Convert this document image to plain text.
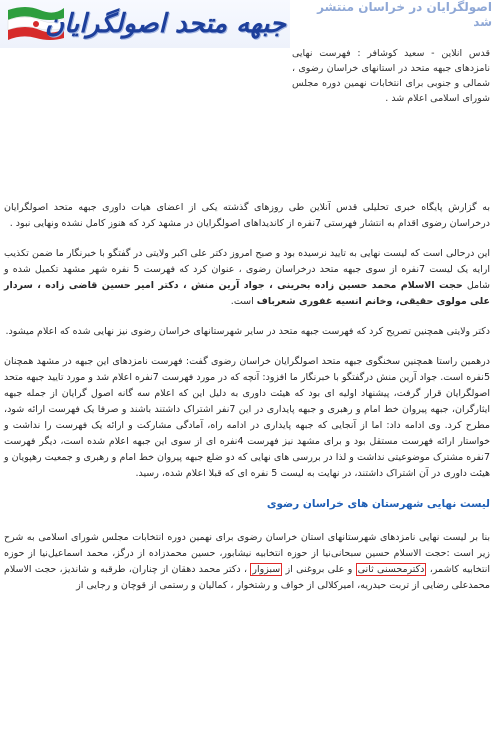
جبهه متحد اصولگرایان
اصولگرایان در خراسان منتشر شد
قدس انلاین - سعید کوشافر : فهرست نهایی نامزدهای جبهه متحد در استانهای خراسان رضوی ، شمالی و جنوبی برای انتخابات نهمین دوره مجلس شورای اسلامی اعلام شد .

به گزارش پایگاه خبری تحلیلی قدس آنلاین طی روزهای گذشته یکی از اعضای هیات داوری جبهه متحد اصولگرایان درخراسان رضوی اقدام به انتشار فهرستی 7نفره از کاندیداهای اصولگرایان در مشهد کرد که هنوز کامل نشده ونهایی نبود .

این درحالی است که لیست نهایی به تایید نرسیده بود و صبح امروز دکتر علی اکبر ولایتی در گفتگو با خبرنگار ما ضمن تکذیب ارایه یک لیست 7نفره از سوی جبهه متحد درخراسان رضوی ، عنوان کرد که فهرست 5 نفره شهر مشهد تکمیل شده و شامل حجت الاسلام محمد حسین زاده بحرینی ، جواد آرین منش ، دکتر امیر حسین قاضی زاده ، سردار علی مولوی حقیقی، وخانم انسیه غفوری شعرباف است.

دکتر ولایتی همچنین تصریح کرد که فهرست جبهه متحد در سایر شهرستانهای خراسان رضوی نیز نهایی شده که اعلام میشود.

درهمین راستا همچنین سخنگوی جبهه متحد اصولگرایان خراسان رضوی گفت: فهرست نامزدهای این جبهه در مشهد همچنان 5نفره است. جواد آرین منش درگفتگو با خبرنگار ما افزود: آنچه که در مورد فهرست 7نفره اعلام شد و مورد تایید جبهه متحد اصولگرایان قرار گرفت، پیشنهاد اولیه ای بود که هیئت داوری به دلیل این که اعلام سه گانه اصول گرایان از جمله جبهه ایثارگران، جبهه پیروان خط امام و رهبری و جبهه پایداری در این 7نفر اشتراک داشتند باشند و صرفا یک فهرست ارائه شود، مطرح کرد. وی ادامه داد: اما از آنجایی که جبهه پایداری در ادامه راه، آمادگی مشارکت و ارائه یک فهرست را نداشت و خواستار ارائه فهرست مستقل بود و برای مشهد نیز فهرست 4نفره ای از سوی این جبهه اعلام شده است، دیگر فهرست 7نفره مشترک موضوعیتی نداشت و لذا در بررسی های نهایی که دو ضلع جبهه پیروان خط امام و رهبری و جمعیت رهپویان و هیئت داوری در آن اشتراک داشتند، در نهایت به لیست 5 نفره ای که قبلا اعلام شده، رسید.

لیست نهایی شهرستان های خراسان رضوی

بنا بر لیست نهایی نامزدهای شهرستانهای استان خراسان رضوی برای نهمین دوره انتخابات مجلس شورای اسلامی به شرح زیر است :حجت الاسلام حسین سبحانی‌نیا از حوزه انتخابیه نیشابور، حسین محمدزاده از درگز، محمد اسماعیل‌نیا از حوزه انتخابیه کاشمر، دکترمحسنی ثانی و علی بروغنی از سبزوار ، دکتر محمد دهقان از چناران، طرقبه و شاندیز، حجت الاسلام محمدعلی رضایی از تربت حیدریه، امیرکلالی از خواف و رشتخوار ، کمالیان و رستمی از قوچان و رجایی از
